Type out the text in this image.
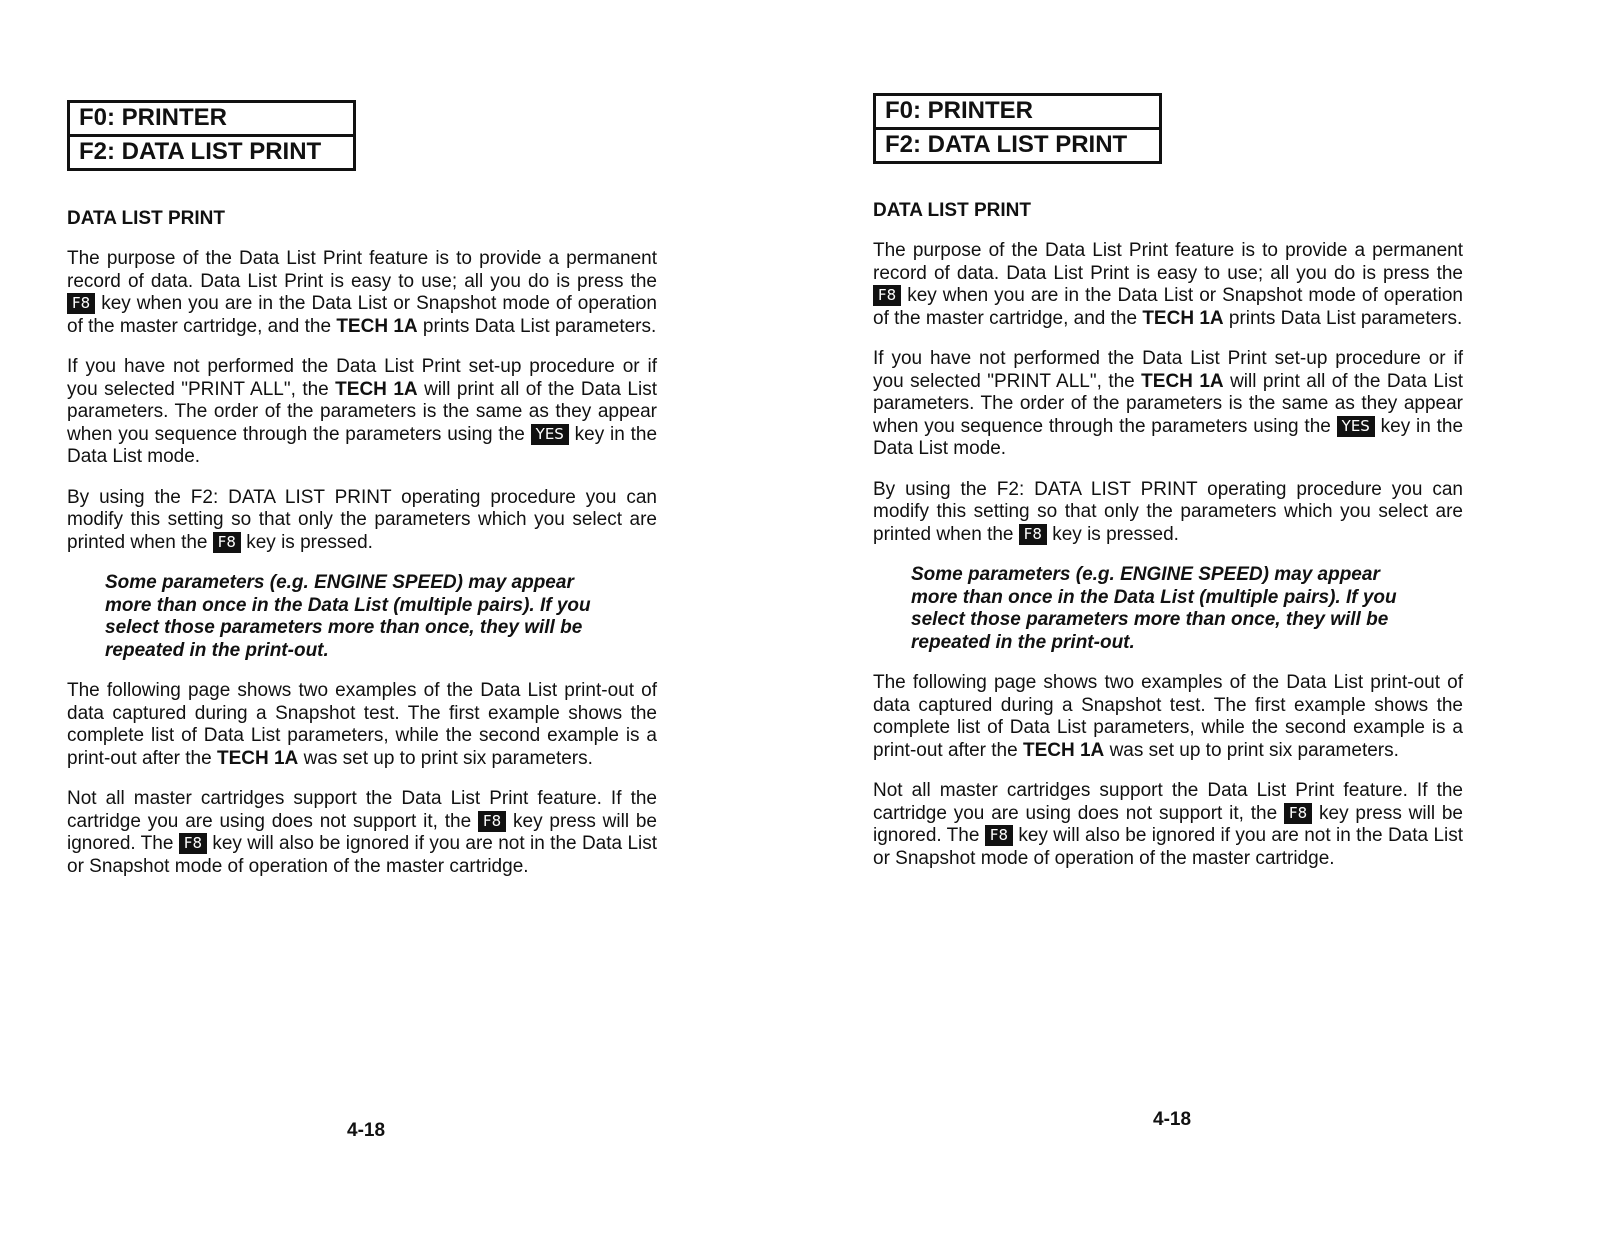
F0: PRINTER
F2: DATA LIST PRINT
DATA LIST PRINT

The purpose of the Data List Print feature is to provide a permanent record of data. Data List Print is easy to use; all you do is press the F8 key when you are in the Data List or Snapshot mode of operation of the master cartridge, and the TECH 1A prints Data List parameters.

If you have not performed the Data List Print set-up procedure or if you selected "PRINT ALL", the TECH 1A will print all of the Data List parameters. The order of the parameters is the same as they appear when you sequence through the parameters using the YES key in the Data List mode.

By using the F2: DATA LIST PRINT operating procedure you can modify this setting so that only the parameters which you select are printed when the F8 key is pressed.

Some parameters (e.g. ENGINE SPEED) may appear more than once in the Data List (multiple pairs). If you select those parameters more than once, they will be repeated in the print-out.

The following page shows two examples of the Data List print-out of data captured during a Snapshot test. The first example shows the complete list of Data List parameters, while the second example is a print-out after the TECH 1A was set up to print six parameters.

Not all master cartridges support the Data List Print feature. If the cartridge you are using does not support it, the F8 key press will be ignored. The F8 key will also be ignored if you are not in the Data List or Snapshot mode of operation of the master cartridge.

4-18
F0: PRINTER
F2: DATA LIST PRINT
DATA LIST PRINT

The purpose of the Data List Print feature is to provide a permanent record of data. Data List Print is easy to use; all you do is press the F8 key when you are in the Data List or Snapshot mode of operation of the master cartridge, and the TECH 1A prints Data List parameters.

If you have not performed the Data List Print set-up procedure or if you selected "PRINT ALL", the TECH 1A will print all of the Data List parameters. The order of the parameters is the same as they appear when you sequence through the parameters using the YES key in the Data List mode.

By using the F2: DATA LIST PRINT operating procedure you can modify this setting so that only the parameters which you select are printed when the F8 key is pressed.

Some parameters (e.g. ENGINE SPEED) may appear more than once in the Data List (multiple pairs). If you select those parameters more than once, they will be repeated in the print-out.

The following page shows two examples of the Data List print-out of data captured during a Snapshot test. The first example shows the complete list of Data List parameters, while the second example is a print-out after the TECH 1A was set up to print six parameters.

Not all master cartridges support the Data List Print feature. If the cartridge you are using does not support it, the F8 key press will be ignored. The F8 key will also be ignored if you are not in the Data List or Snapshot mode of operation of the master cartridge.

4-18
